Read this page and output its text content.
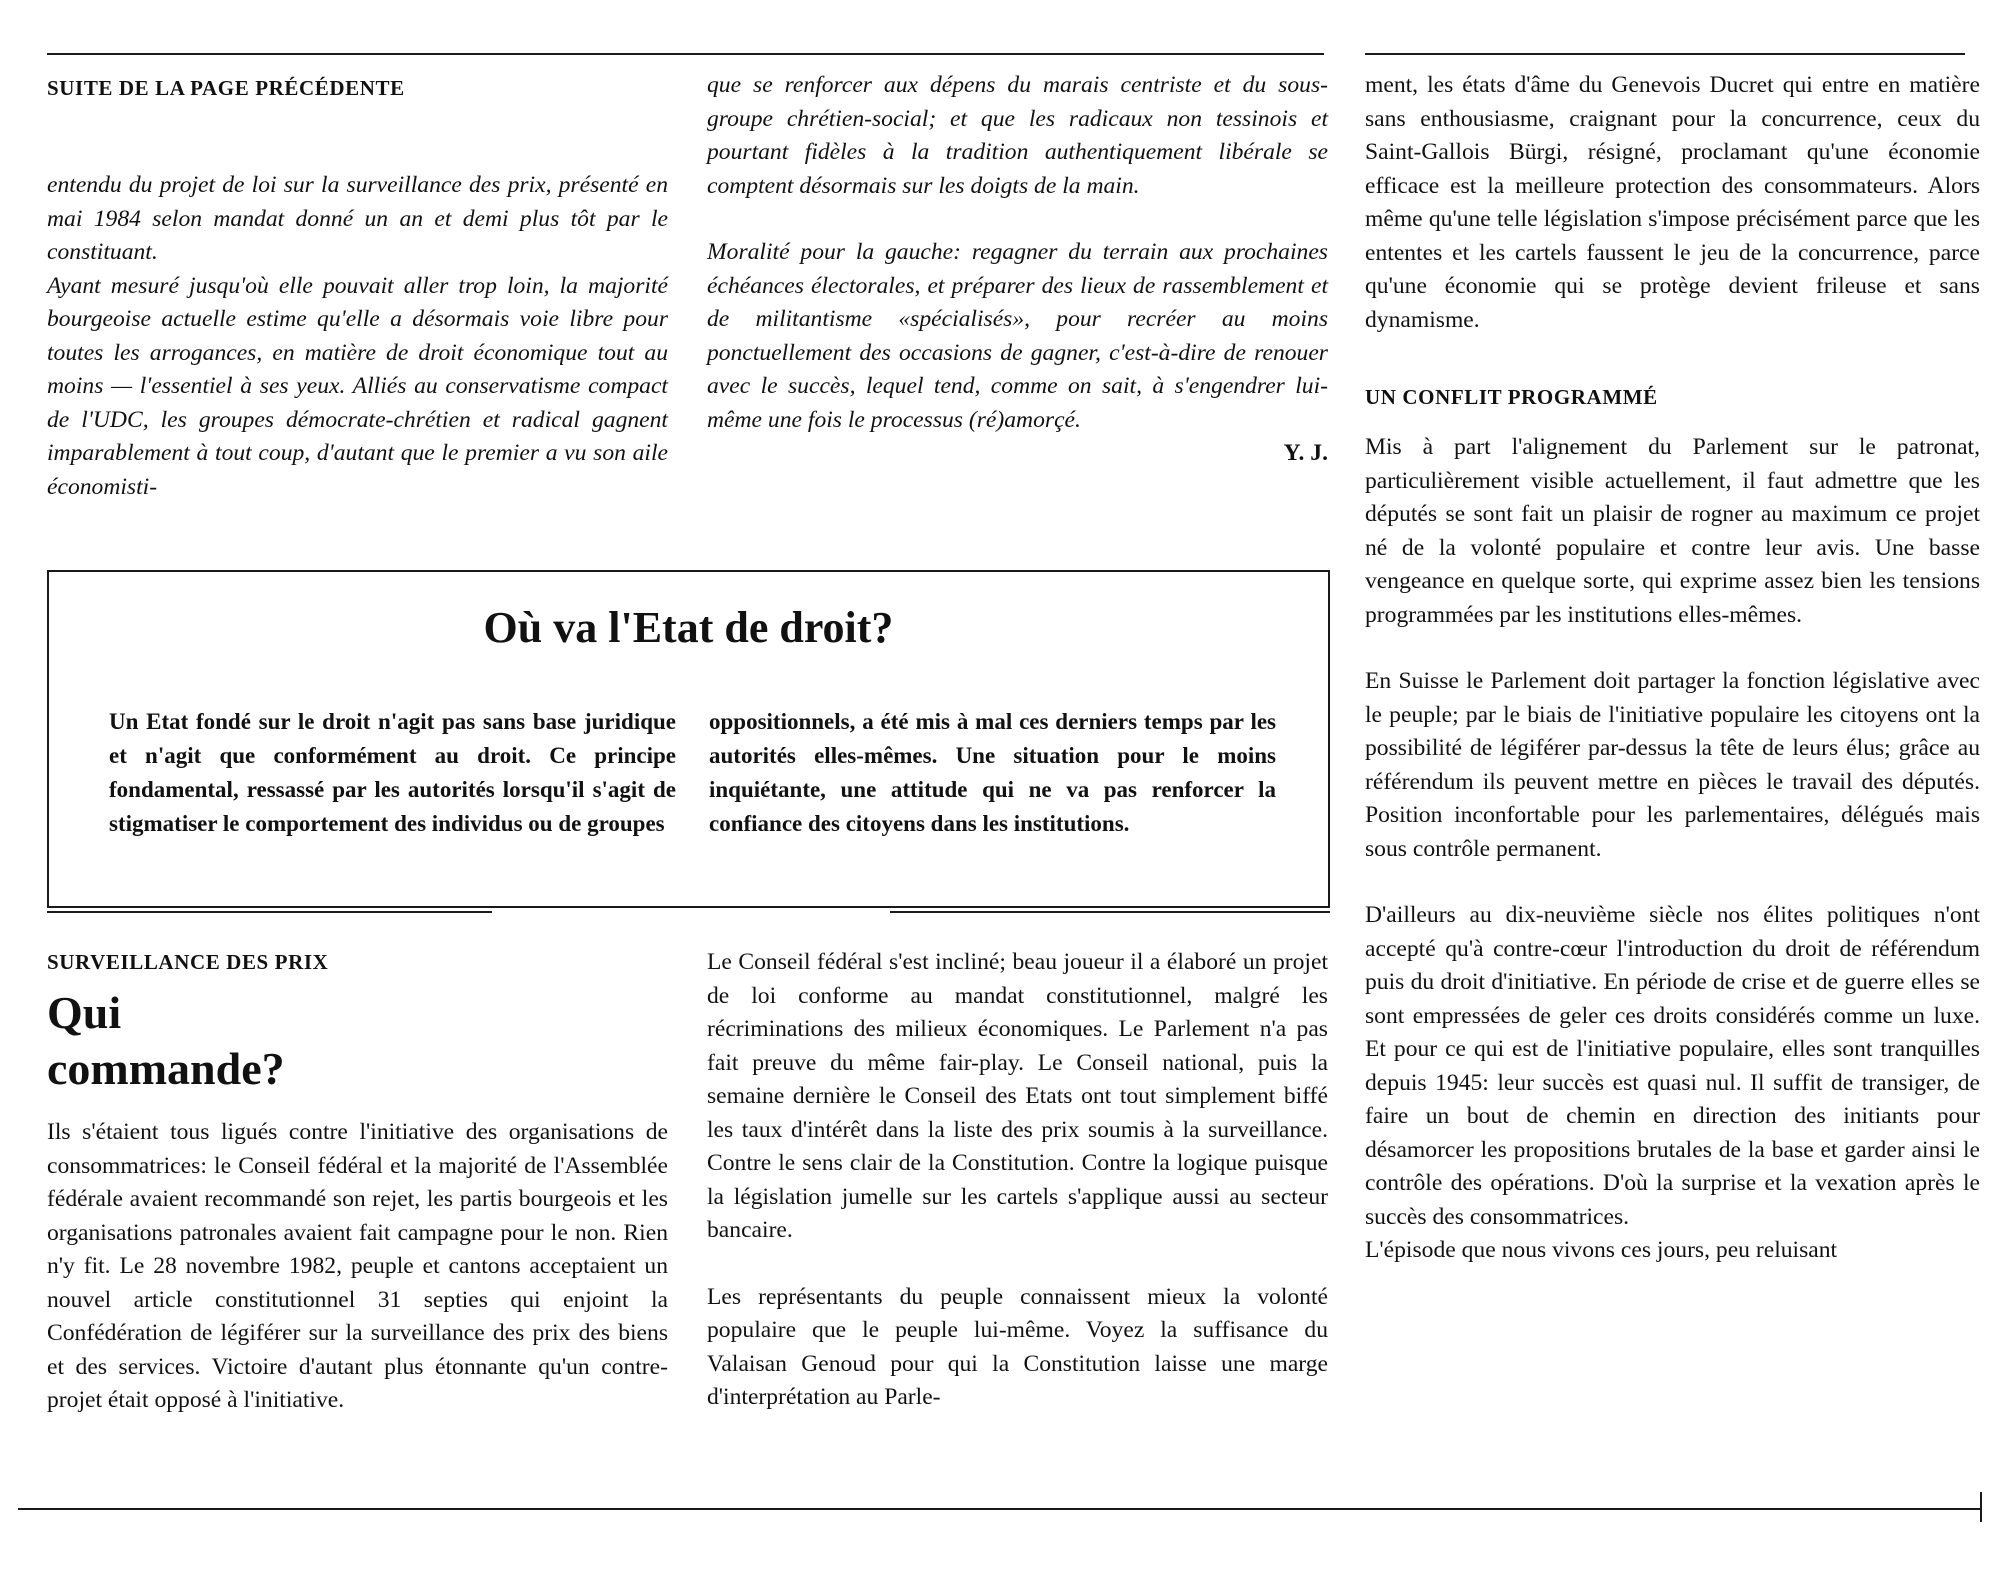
SUITE DE LA PAGE PRÉCÉDENTE

entendu du projet de loi sur la surveillance des prix, présenté en mai 1984 selon mandat donné un an et demi plus tôt par le constituant.

Ayant mesuré jusqu'où elle pouvait aller trop loin, la majorité bourgeoise actuelle estime qu'elle a désormais voie libre pour toutes les arrogances, en matière de droit économique tout au moins — l'essentiel à ses yeux. Alliés au conservatisme compact de l'UDC, les groupes démocrate-chrétien et radical gagnent imparablement à tout coup, d'autant que le premier a vu son aile économisti-

que se renforcer aux dépens du marais centriste et du sous-groupe chrétien-social; et que les radicaux non tessinois et pourtant fidèles à la tradition authentiquement libérale se comptent désormais sur les doigts de la main.

Moralité pour la gauche: regagner du terrain aux prochaines échéances électorales, et préparer des lieux de rassemblement et de militantisme «spécialisés», pour recréer au moins ponctuellement des occasions de gagner, c'est-à-dire de renouer avec le succès, lequel tend, comme on sait, à s'engendrer lui-même une fois le processus (ré)amorçé.

Y. J.

Où va l'Etat de droit?

Un Etat fondé sur le droit n'agit pas sans base juridique et n'agit que conformément au droit. Ce principe fondamental, ressassé par les autorités lorsqu'il s'agit de stigmatiser le comportement des individus ou de groupes

oppositionnels, a été mis à mal ces derniers temps par les autorités elles-mêmes. Une situation pour le moins inquiétante, une attitude qui ne va pas renforcer la confiance des citoyens dans les institutions.

SURVEILLANCE DES PRIX
Qui
commande?

Ils s'étaient tous ligués contre l'initiative des organisations de consommatrices: le Conseil fédéral et la majorité de l'Assemblée fédérale avaient recommandé son rejet, les partis bourgeois et les organisations patronales avaient fait campagne pour le non. Rien n'y fit. Le 28 novembre 1982, peuple et cantons acceptaient un nouvel article constitutionnel 31 septies qui enjoint la Confédération de légiférer sur la surveillance des prix des biens et des services. Victoire d'autant plus étonnante qu'un contre-projet était opposé à l'initiative.

Le Conseil fédéral s'est incliné; beau joueur il a élaboré un projet de loi conforme au mandat constitutionnel, malgré les récriminations des milieux économiques. Le Parlement n'a pas fait preuve du même fair-play. Le Conseil national, puis la semaine dernière le Conseil des Etats ont tout simplement biffé les taux d'intérêt dans la liste des prix soumis à la surveillance. Contre le sens clair de la Constitution. Contre la logique puisque la législation jumelle sur les cartels s'applique aussi au secteur bancaire.

Les représentants du peuple connaissent mieux la volonté populaire que le peuple lui-même. Voyez la suffisance du Valaisan Genoud pour qui la Constitution laisse une marge d'interprétation au Parle-

ment, les états d'âme du Genevois Ducret qui entre en matière sans enthousiasme, craignant pour la concurrence, ceux du Saint-Gallois Bürgi, résigné, proclamant qu'une économie efficace est la meilleure protection des consommateurs. Alors même qu'une telle législation s'impose précisément parce que les ententes et les cartels faussent le jeu de la concurrence, parce qu'une économie qui se protège devient frileuse et sans dynamisme.

UN CONFLIT PROGRAMMÉ

Mis à part l'alignement du Parlement sur le patronat, particulièrement visible actuellement, il faut admettre que les députés se sont fait un plaisir de rogner au maximum ce projet né de la volonté populaire et contre leur avis. Une basse vengeance en quelque sorte, qui exprime assez bien les tensions programmées par les institutions elles-mêmes.

En Suisse le Parlement doit partager la fonction législative avec le peuple; par le biais de l'initiative populaire les citoyens ont la possibilité de légiférer par-dessus la tête de leurs élus; grâce au référendum ils peuvent mettre en pièces le travail des députés. Position inconfortable pour les parlementaires, délégués mais sous contrôle permanent.

D'ailleurs au dix-neuvième siècle nos élites politiques n'ont accepté qu'à contre-cœur l'introduction du droit de référendum puis du droit d'initiative. En période de crise et de guerre elles se sont empressées de geler ces droits considérés comme un luxe. Et pour ce qui est de l'initiative populaire, elles sont tranquilles depuis 1945: leur succès est quasi nul. Il suffit de transiger, de faire un bout de chemin en direction des initiants pour désamorcer les propositions brutales de la base et garder ainsi le contrôle des opérations. D'où la surprise et la vexation après le succès des consommatrices.

L'épisode que nous vivons ces jours, peu reluisant
